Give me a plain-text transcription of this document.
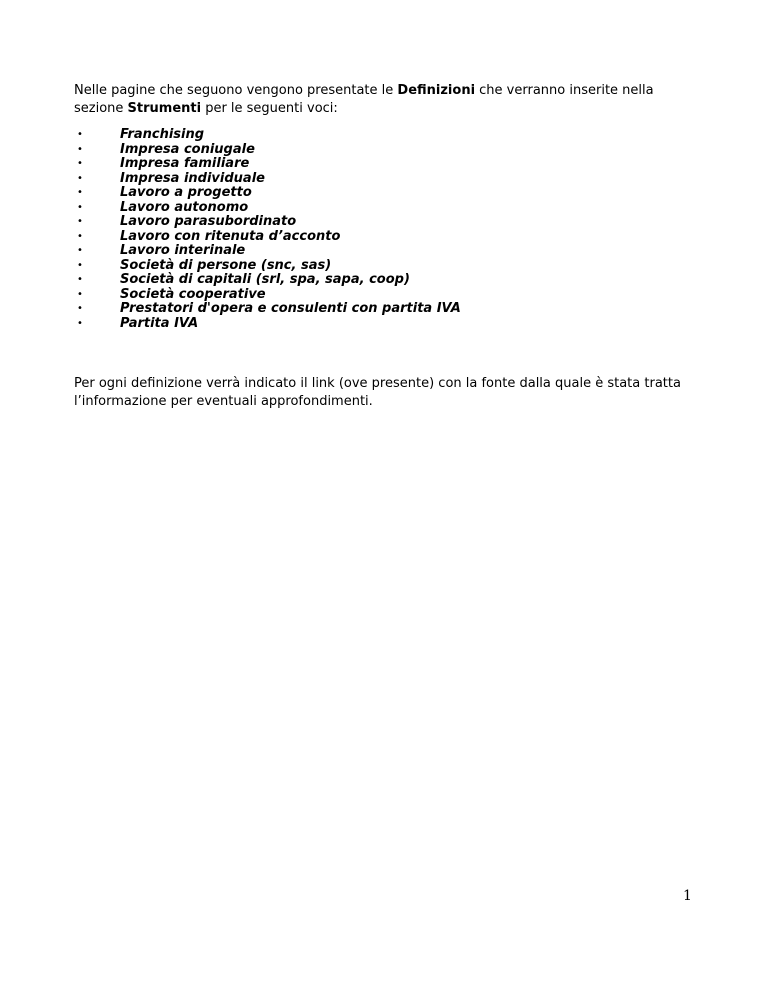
Nelle pagine che seguono vengono presentate le Definizioni che verranno inserite nella sezione Strumenti per le seguenti voci:

•	Franchising
•	Impresa coniugale
•	Impresa familiare
•	Impresa individuale
•	Lavoro a progetto
•	Lavoro autonomo
•	Lavoro parasubordinato
•	Lavoro con ritenuta d’acconto
•	Lavoro interinale
•	Società di persone (snc, sas)
•	Società di capitali (srl, spa, sapa, coop)
•	Società cooperative
•	Prestatori d'opera e consulenti con partita IVA
•	Partita IVA

Per ogni definizione verrà indicato il link (ove presente) con la fonte dalla quale è stata tratta l’informazione per eventuali approfondimenti.

1
